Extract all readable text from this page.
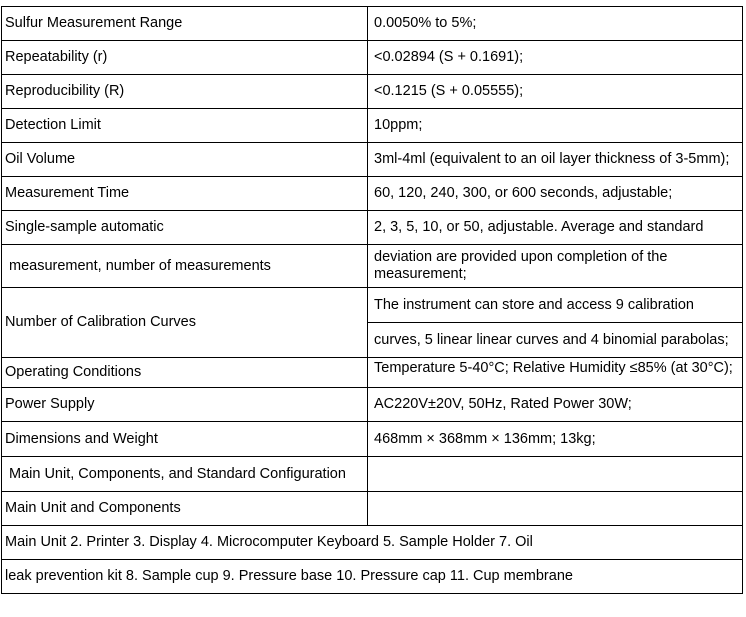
Sulfur Measurement Range	0.0050% to 5%;
Repeatability (r)	<0.02894 (S + 0.1691);
Reproducibility (R)	<0.1215 (S + 0.05555);
Detection Limit	10ppm;
Oil Volume	3ml-4ml (equivalent to an oil layer thickness of 3-5mm);
Measurement Time	60, 120, 240, 300, or 600 seconds, adjustable;
Single-sample automatic	2, 3, 5, 10, or 50, adjustable. Average and standard
measurement, number of measurements	deviation are provided upon completion of the measurement;
Number of Calibration Curves	The instrument can store and access 9 calibration
	curves, 5 linear linear curves and 4 binomial parabolas;
Operating Conditions	Temperature 5-40°C; Relative Humidity ≤85% (at 30°C);
Power Supply	AC220V±20V, 50Hz, Rated Power 30W;
Dimensions and Weight	468mm × 368mm × 136mm; 13kg;
Main Unit, Components, and Standard Configuration	
Main Unit and Components	
Main Unit 2. Printer 3. Display 4. Microcomputer Keyboard 5. Sample Holder 7. Oil	
leak prevention kit 8. Sample cup 9. Pressure base 10. Pressure cap 11. Cup membrane	
